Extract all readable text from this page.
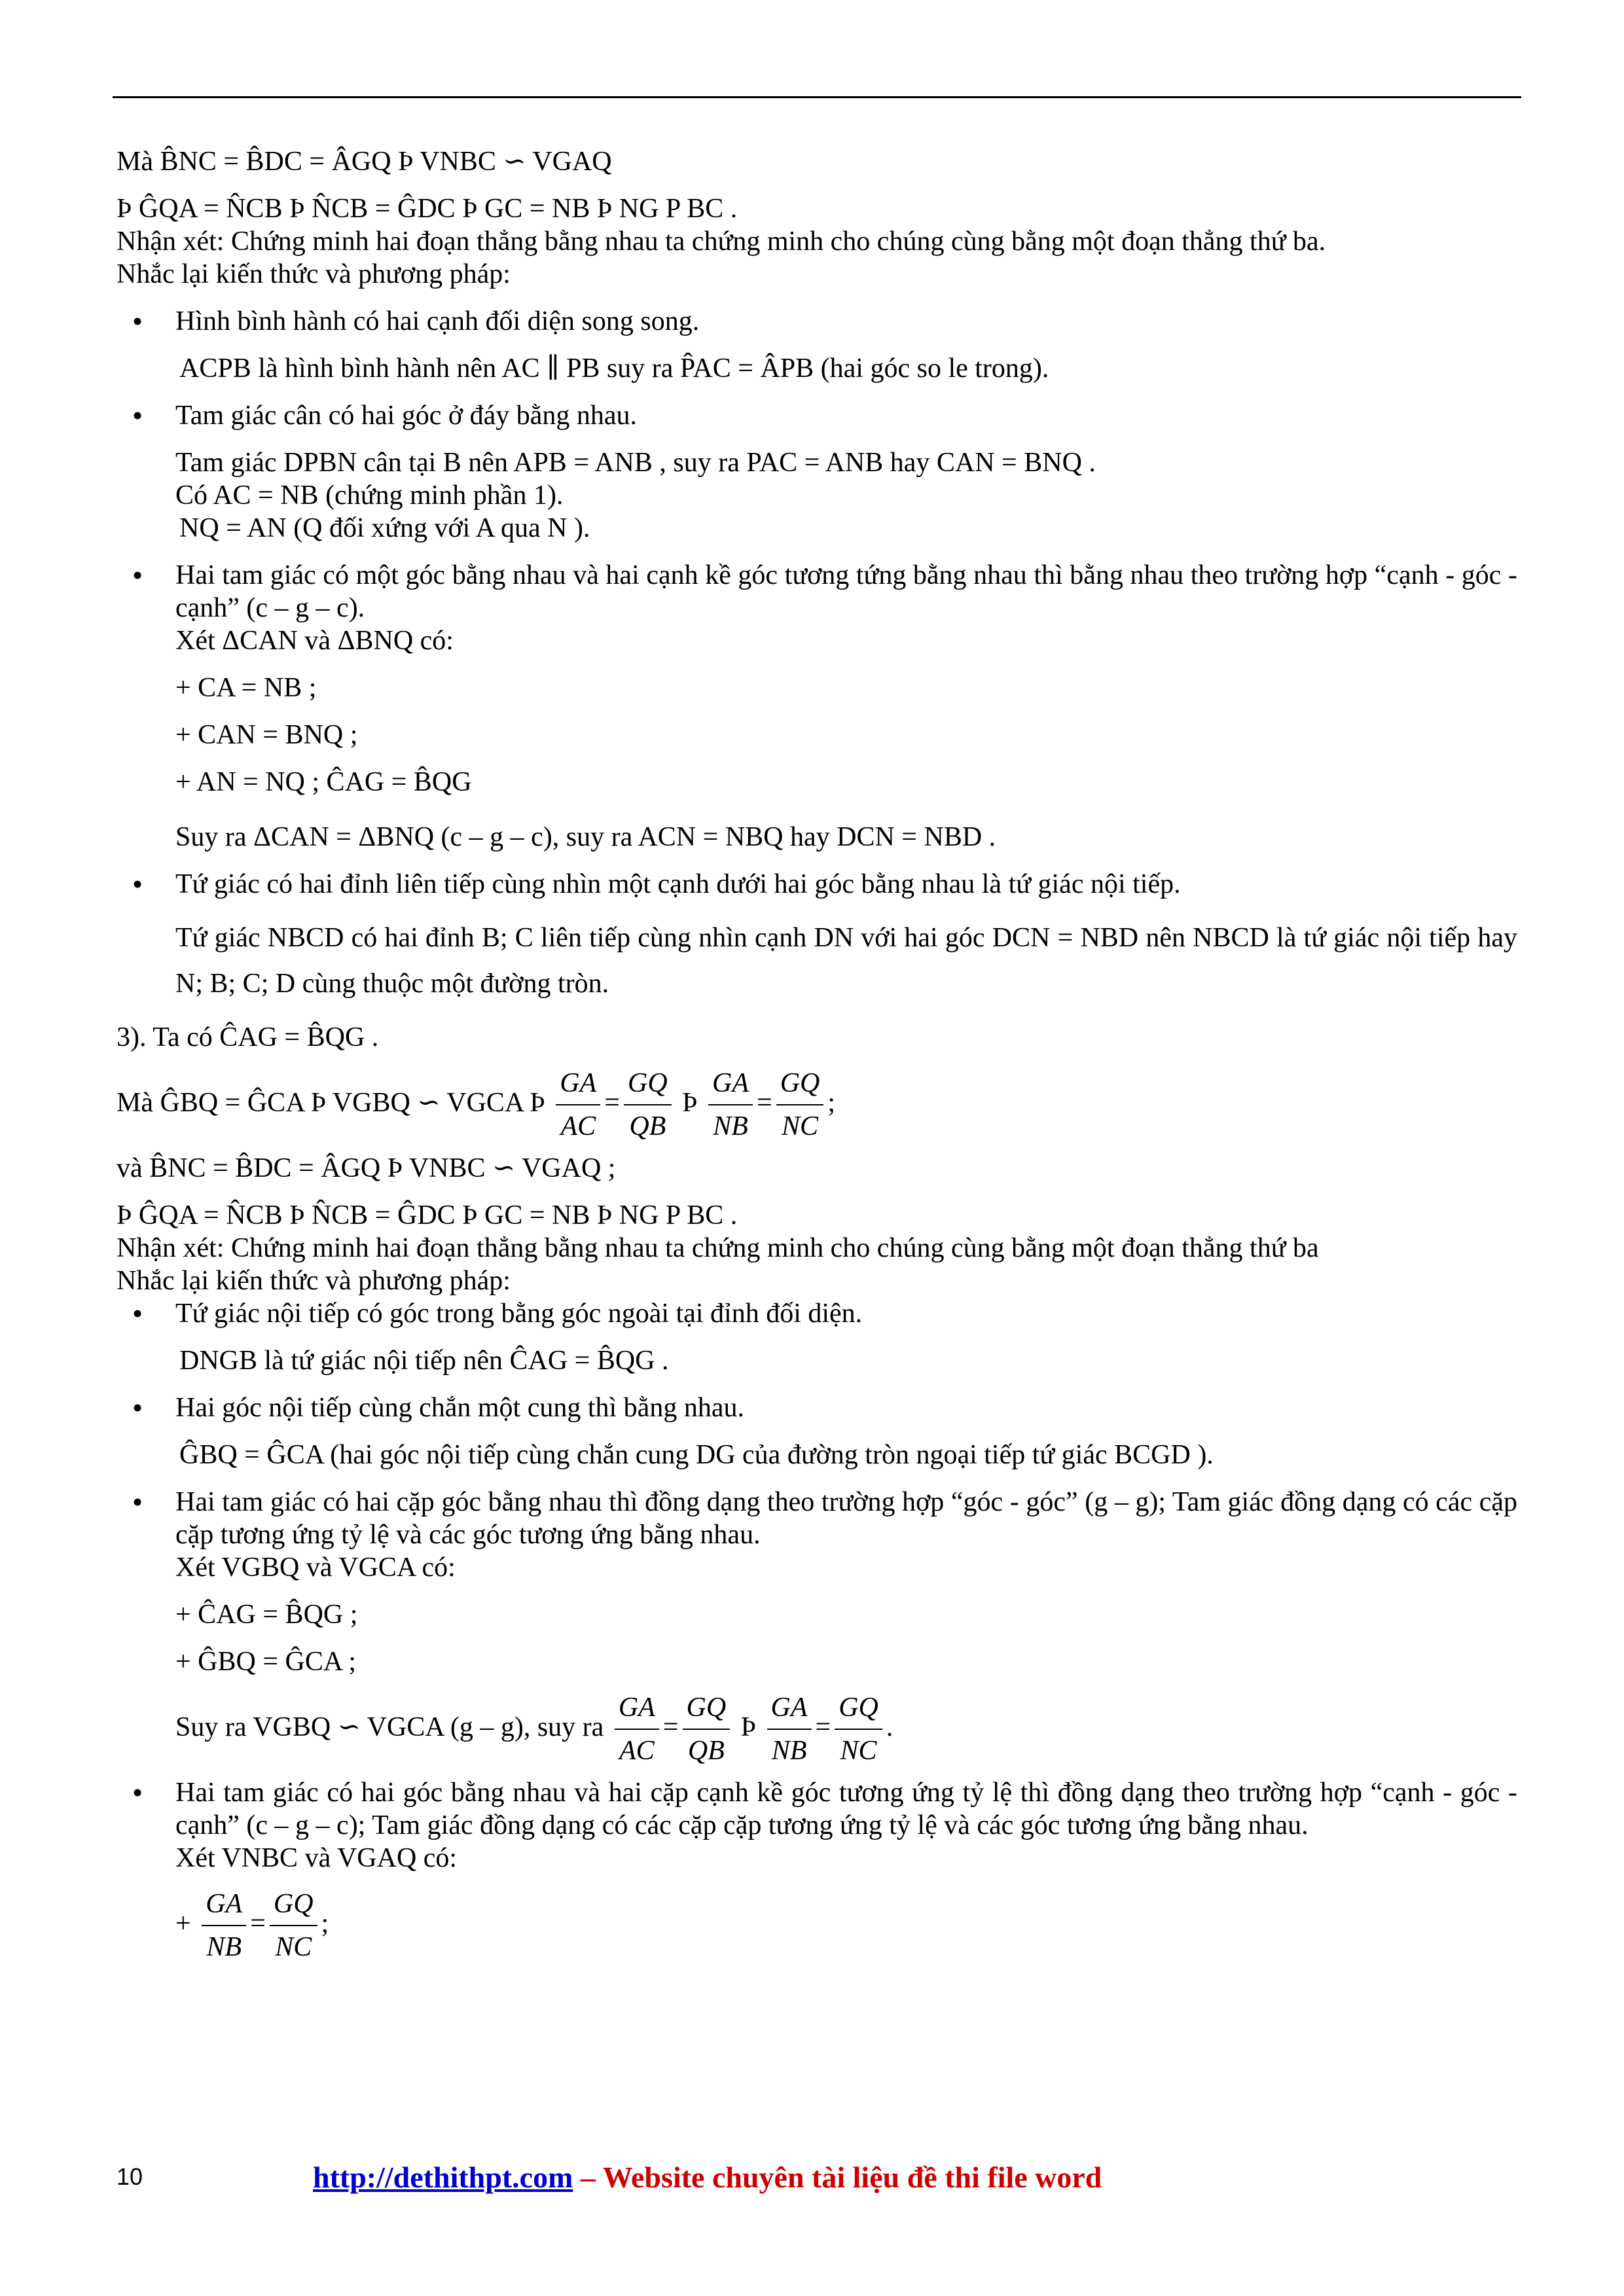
Mà B̂NC = B̂DC = ÂGQ Þ VNBC ∽ VGAQ
Þ ĜQA = N̂CB Þ N̂CB = ĜDC Þ GC = NB Þ NG P BC .
Nhận xét: Chứng minh hai đoạn thẳng bằng nhau ta chứng minh cho chúng cùng bằng một đoạn thẳng thứ ba.
Nhắc lại kiến thức và phương pháp:
• Hình bình hành có hai cạnh đối diện song song.
ACPB là hình bình hành nên AC ∥ PB suy ra P̂AC = ÂPB (hai góc so le trong).
• Tam giác cân có hai góc ở đáy bằng nhau.
Tam giác DPBN cân tại B nên APB = ANB , suy ra PAC = ANB hay CAN = BNQ .
Có AC = NB (chứng minh phần 1).
NQ = AN (Q đối xứng với A qua N ).
• Hai tam giác có một góc bằng nhau và hai cạnh kề góc tương tứng bằng nhau thì bằng nhau theo trường hợp “cạnh - góc - cạnh” (c – g – c).
Xét ΔCAN và ΔBNQ có:
+ CA = NB ;
+ CAN = BNQ ;
+ AN = NQ ; ĈAG = B̂QG
Suy ra ΔCAN = ΔBNQ (c – g – c), suy ra ACN = NBQ hay DCN = NBD .
• Tứ giác có hai đỉnh liên tiếp cùng nhìn một cạnh dưới hai góc bằng nhau là tứ giác nội tiếp.
Tứ giác NBCD có hai đỉnh B; C liên tiếp cùng nhìn cạnh DN với hai góc DCN = NBD nên NBCD là tứ giác nội tiếp hay N; B; C; D cùng thuộc một đường tròn.
3). Ta có ĈAG = B̂QG .
Mà ĜBQ = ĜCA Þ VGBQ ∽ VGCA Þ $\frac{GA}{AC} = \frac{GQ}{QB}$ Þ $\frac{GA}{NB} = \frac{GQ}{NC}$ ;
và B̂NC = B̂DC = ÂGQ Þ VNBC ∽ VGAQ ;
Þ ĜQA = N̂CB Þ N̂CB = ĜDC Þ GC = NB Þ NG P BC .
Nhận xét: Chứng minh hai đoạn thẳng bằng nhau ta chứng minh cho chúng cùng bằng một đoạn thẳng thứ ba
Nhắc lại kiến thức và phương pháp:
• Tứ giác nội tiếp có góc trong bằng góc ngoài tại đỉnh đối diện.
DNGB là tứ giác nội tiếp nên ĈAG = B̂QG .
• Hai góc nội tiếp cùng chắn một cung thì bằng nhau.
ĜBQ = ĜCA (hai góc nội tiếp cùng chắn cung DG của đường tròn ngoại tiếp tứ giác BCGD ).
• Hai tam giác có hai cặp góc bằng nhau thì đồng dạng theo trường hợp “góc - góc” (g – g); Tam giác đồng dạng có các cặp cặp tương ứng tỷ lệ và các góc tương ứng bằng nhau.
Xét VGBQ và VGCA có:
+ ĈAG = B̂QG ;
+ ĜBQ = ĜCA ;
Suy ra VGBQ ∽ VGCA (g – g), suy ra $\frac{GA}{AC} = \frac{GQ}{QB}$ Þ $\frac{GA}{NB} = \frac{GQ}{NC}$ .
• Hai tam giác có hai góc bằng nhau và hai cặp cạnh kề góc tương ứng tỷ lệ thì đồng dạng theo trường hợp “cạnh - góc - cạnh” (c – g – c); Tam giác đồng dạng có các cặp cặp tương ứng tỷ lệ và các góc tương ứng bằng nhau.
Xét VNBC và VGAQ có:
+ $\frac{GA}{NB} = \frac{GQ}{NC}$ ;
10	http://dethithpt.com – Website chuyên tài liệu đề thi file word
